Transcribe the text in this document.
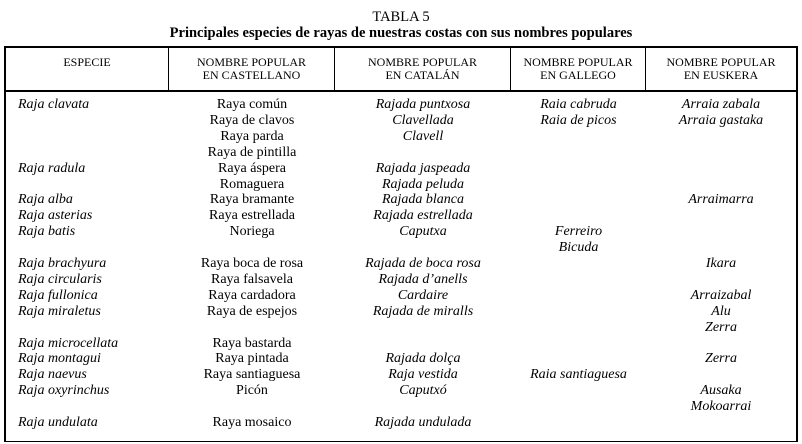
TABLA 5
Principales especies de rayas de nuestras costas con sus nombres populares
ESPECIE	NOMBRE POPULAR
EN CASTELLANO
NOMBRE POPULAR
EN CATALÁN
NOMBRE POPULAR
EN GALLEGO
NOMBRE POPULAR
EN EUSKERA
Raja clavata
Raja radula
Raja alba
Raja asterias
Raja batis
Raja brachyura
Raja circularis
Raja fullonica
Raja miraletus
Raja microcellata
Raja montagui
Raja naevus
Raja oxyrinchus
Raja undulata
Raya común
Raya de clavos
Raya parda
Raya de pintilla
Raya áspera
Romaguera
Raya bramante
Raya estrellada
Noriega
Raya boca de rosa
Raya falsavela
Raya cardadora
Raya de espejos
Raya bastarda
Raya pintada
Raya santiaguesa
Picón
Raya mosaico
Rajada puntxosa
Clavellada
Clavell
Rajada jaspeada
Rajada peluda
Rajada blanca
Rajada estrellada
Caputxa
Rajada de boca rosa
Rajada d’anells
Cardaire
Rajada de miralls
Rajada dolça
Raja vestida
Caputxó
Rajada undulada
Raia cabruda
Raia de picos
Ferreiro
Bicuda
Raia santiaguesa
Arraia zabala
Arraia gastaka
Arraimarra
Ikara
Arraizabal
Alu
Zerra
Zerra
Ausaka
Mokoarrai
